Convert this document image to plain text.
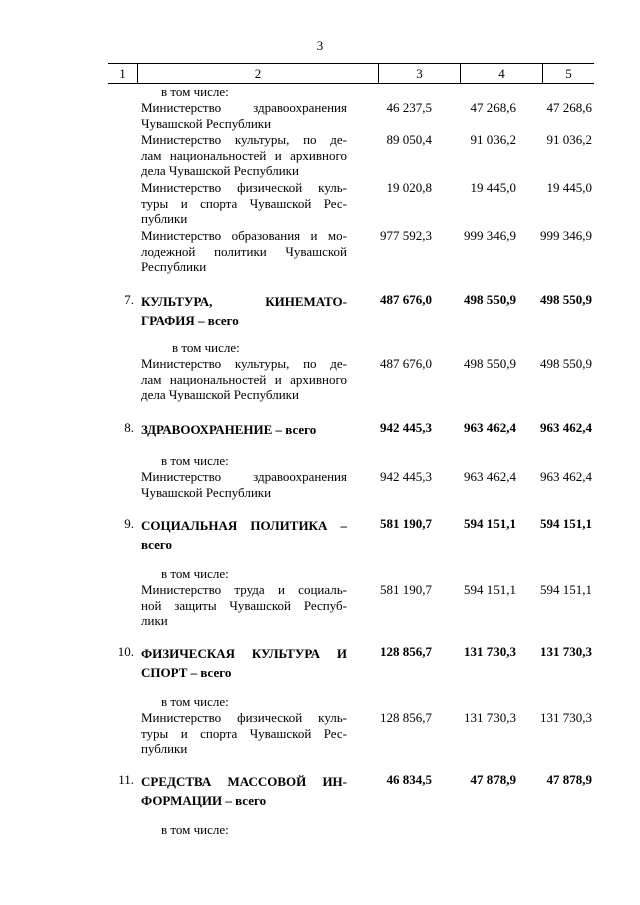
3
1	2	3	4	5
в том числе:
в том числе:
в том числе:
в том числе:
в том числе:
в том числе:
Министерство здравоохранения
Чувашской Республики
46 237,5	47 268,6	47 268,6
Министерство культуры, по де-
лам национальностей и архивного
дела Чувашской Республики
89 050,4	91 036,2	91 036,2
Министерство физической куль-
туры и спорта Чувашской Рес-
публики
19 020,8	19 445,0	19 445,0
Министерство образования и мо-
лодежной политики Чувашской
Республики
977 592,3	999 346,9	999 346,9
7. КУЛЬТУРА, КИНЕМАТО-
ГРАФИЯ – всего
487 676,0	498 550,9	498 550,9
Министерство культуры, по де-
лам национальностей и архивного
дела Чувашской Республики
487 676,0	498 550,9	498 550,9
8. ЗДРАВООХРАНЕНИЕ – всего	942 445,3	963 462,4	963 462,4
Министерство здравоохранения
Чувашской Республики
942 445,3	963 462,4	963 462,4
9. СОЦИАЛЬНАЯ ПОЛИТИКА –
всего
581 190,7	594 151,1	594 151,1
Министерство труда и социаль-
ной защиты Чувашской Респуб-
лики
581 190,7	594 151,1	594 151,1
10. ФИЗИЧЕСКАЯ КУЛЬТУРА И
СПОРТ – всего
128 856,7	131 730,3	131 730,3
Министерство физической куль-
туры и спорта Чувашской Рес-
публики
128 856,7	131 730,3	131 730,3
11. СРЕДСТВА МАССОВОЙ ИН-
ФОРМАЦИИ – всего
46 834,5	47 878,9	47 878,9
